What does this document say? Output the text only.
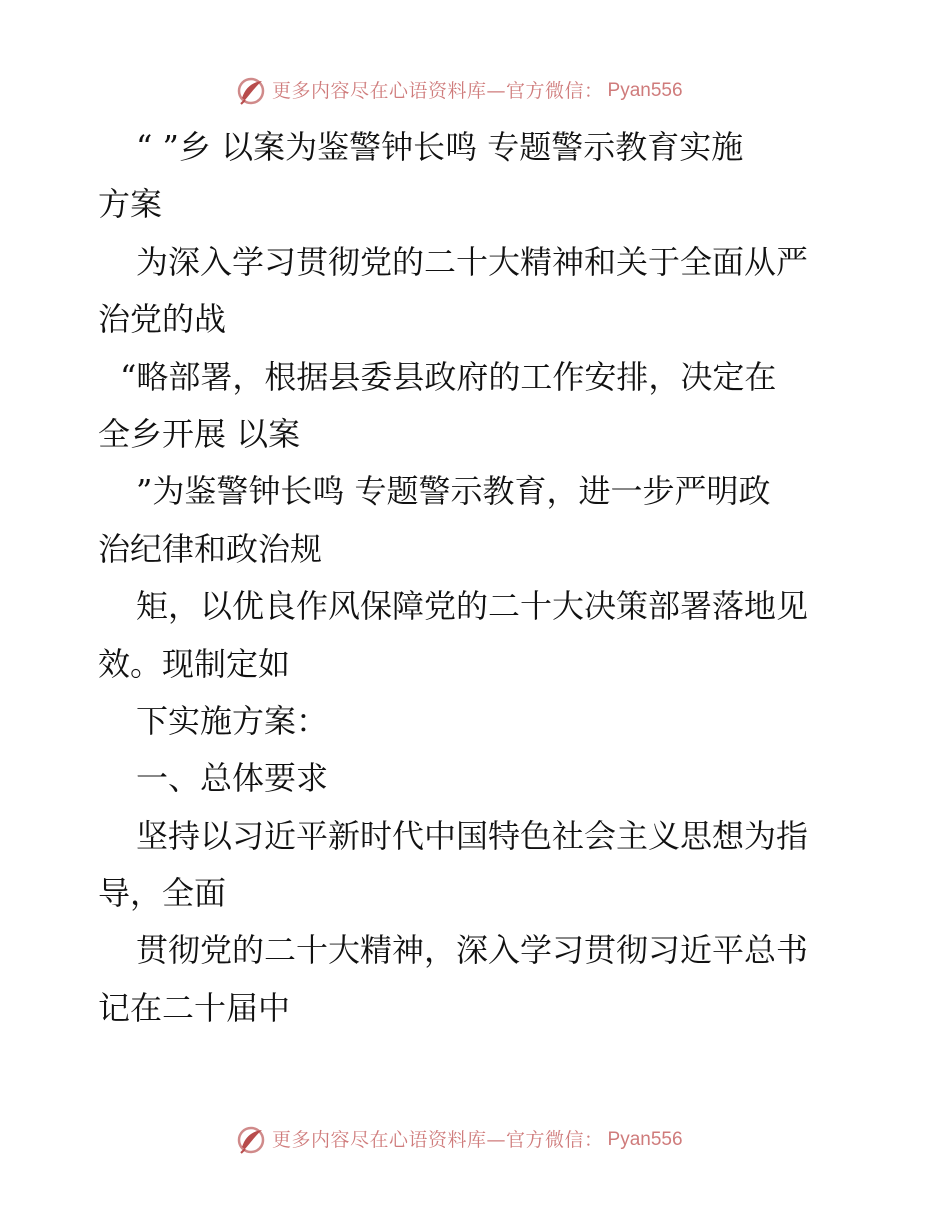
更多内容尽在心语资料库—官方微信： Pyan556
“ ”乡 以案为鉴警钟长鸣 专题警示教育实施
方案
为深入学习贯彻党的二十大精神和关于全面从严
治党的战
“略部署，根据县委县政府的工作安排，决定在
全乡开展 以案
”为鉴警钟长鸣 专题警示教育，进一步严明政
治纪律和政治规
矩，以优良作风保障党的二十大决策部署落地见
效。现制定如
下实施方案：
一、总体要求
坚持以习近平新时代中国特色社会主义思想为指
导，全面
贯彻党的二十大精神，深入学习贯彻习近平总书
记在二十届中
更多内容尽在心语资料库—官方微信： Pyan556
